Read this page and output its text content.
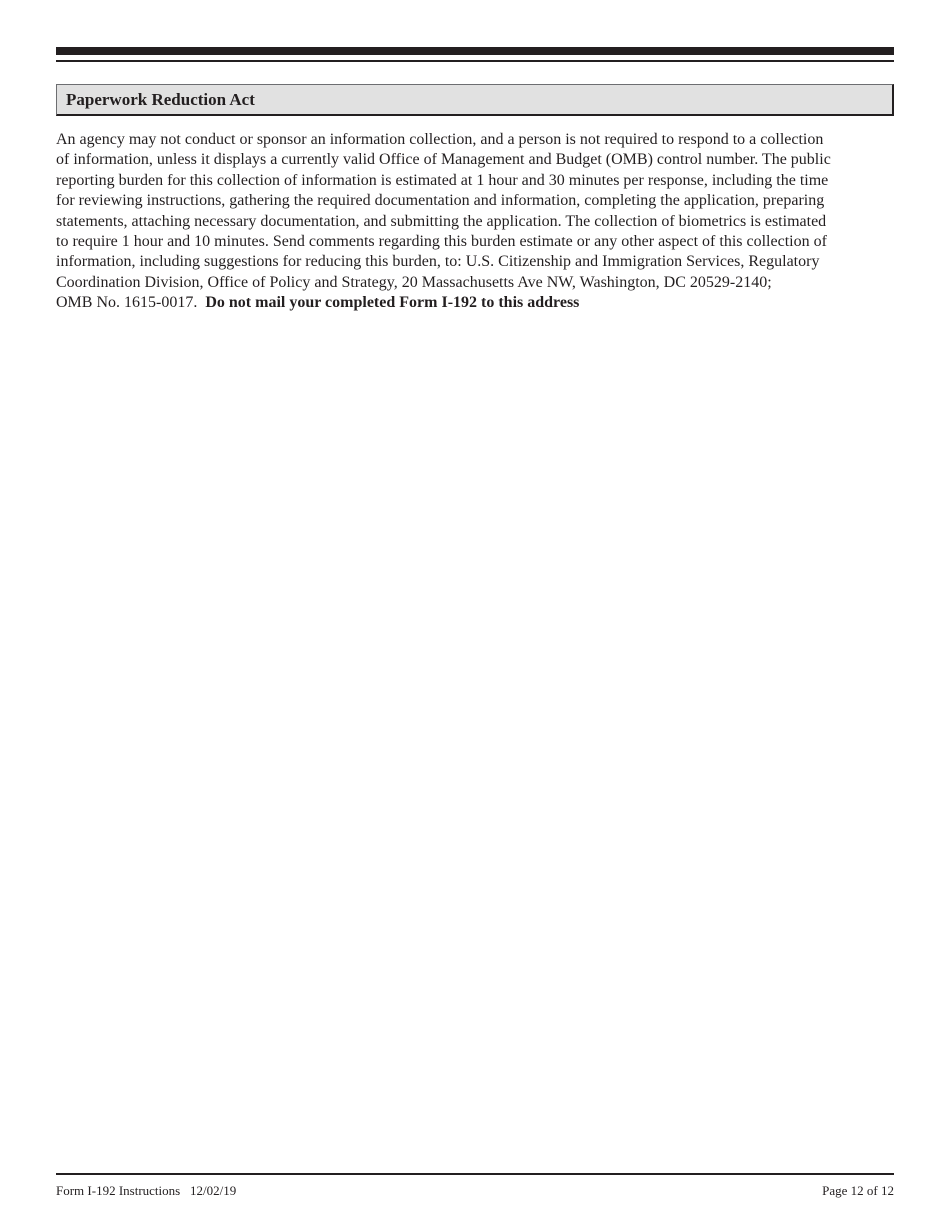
Paperwork Reduction Act
An agency may not conduct or sponsor an information collection, and a person is not required to respond to a collection
of information, unless it displays a currently valid Office of Management and Budget (OMB) control number. The public
reporting burden for this collection of information is estimated at 1 hour and 30 minutes per response, including the time
for reviewing instructions, gathering the required documentation and information, completing the application, preparing
statements, attaching necessary documentation, and submitting the application. The collection of biometrics is estimated
to require 1 hour and 10 minutes. Send comments regarding this burden estimate or any other aspect of this collection of
information, including suggestions for reducing this burden, to: U.S. Citizenship and Immigration Services, Regulatory
Coordination Division, Office of Policy and Strategy, 20 Massachusetts Ave NW, Washington, DC 20529-2140;
OMB No. 1615-0017.  Do not mail your completed Form I-192 to this address
Form I-192 Instructions 12/02/19	Page 12 of 12
